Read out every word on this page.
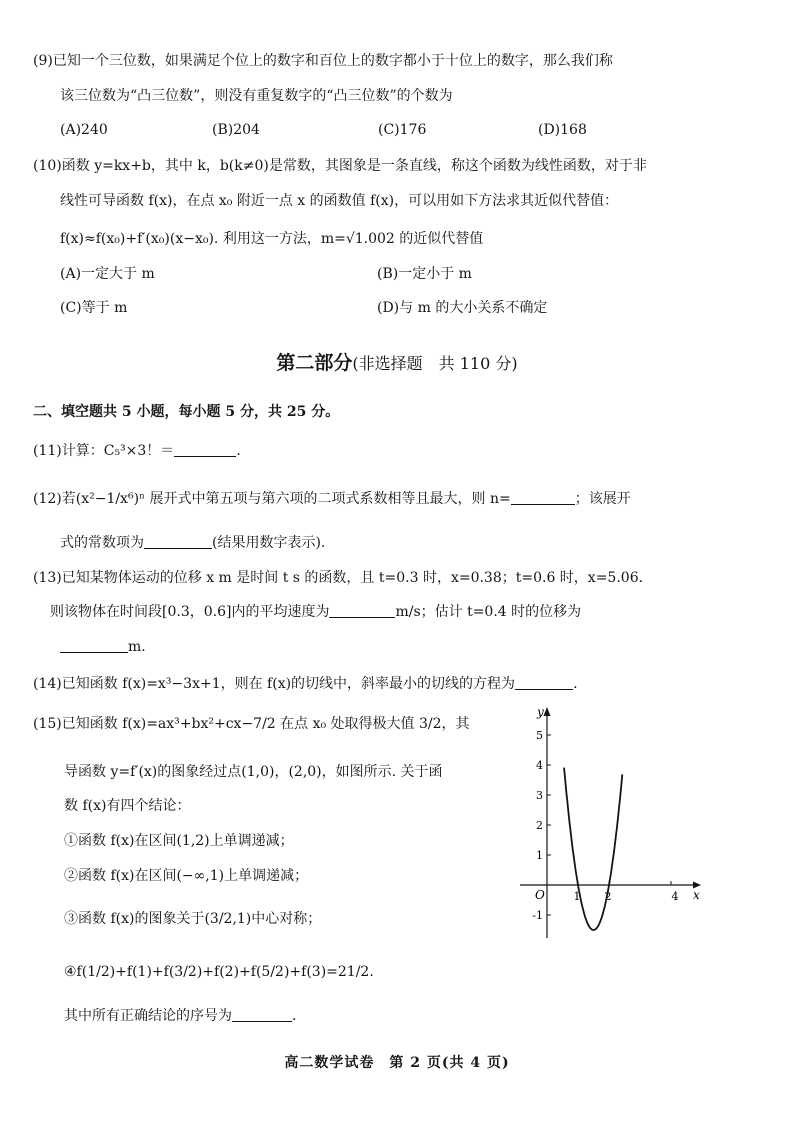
(9)已知一个三位数，如果满足个位上的数字和百位上的数字都小于十位上的数字，那么我们称
该三位数为“凸三位数”，则没有重复数字的“凸三位数”的个数为
(A)240	(B)204	(C)176	(D)168
(10)函数 y=kx+b，其中 k，b(k≠0)是常数，其图象是一条直线，称这个函数为线性函数，对于非
线性可导函数 f(x)，在点 x₀ 附近一点 x 的函数值 f(x)，可以用如下方法求其近似代替值：
f(x)≈f(x₀)+f′(x₀)(x−x₀). 利用这一方法，m=√1.002 的近似代替值
(A)一定大于 m	(B)一定小于 m
(C)等于 m	(D)与 m 的大小关系不确定
第二部分(非选择题　共 110 分)
二、填空题共 5 小题，每小题 5 分，共 25 分。
(11)计算：C₅³×3！＝	.
(12)若(x²−1/x⁶)ⁿ 展开式中第五项与第六项的二项式系数相等且最大，则 n=	；该展开
式的常数项为	(结果用数字表示).
(13)已知某物体运动的位移 x m 是时间 t s 的函数，且 t=0.3 时，x=0.38；t=0.6 时，x=5.06.
则该物体在时间段[0.3，0.6]内的平均速度为	m/s；估计 t=0.4 时的位移为
m.
(14)已知函数 f(x)=x³−3x+1，则在 f(x)的切线中，斜率最小的切线的方程为	.
(15)已知函数 f(x)=ax³+bx²+cx−7/2 在点 x₀ 处取得极大值 3/2，其
导函数 y=f′(x)的图象经过点(1,0)，(2,0)，如图所示. 关于函
数 f(x)有四个结论：
①函数 f(x)在区间(1,2)上单调递减；
②函数 f(x)在区间(−∞,1)上单调递减；
③函数 f(x)的图象关于(3/2,1)中心对称；
④f(1/2)+f(1)+f(3/2)+f(2)+f(5/2)+f(3)=21/2.
其中所有正确结论的序号为	.
5
4
3
2
1
-1
1 2	4
y
x
O
高二数学试卷　第 2 页(共 4 页)
